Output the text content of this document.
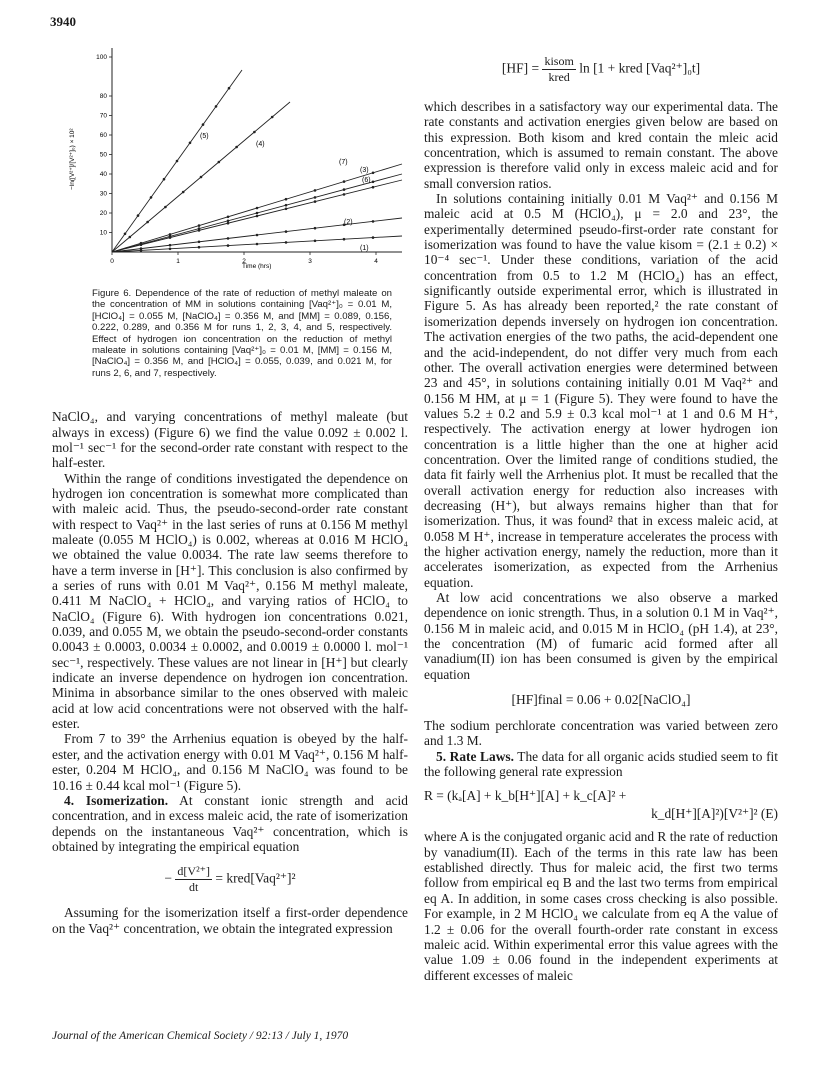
3940
10
20
30
40
50
60
70
80
100
0	1	2	3	4
(5)
(4)
(7)
(3)
(6)
(2)
(1)
−ln([V²⁺]/[V²⁺]₀) × 10²
Time (hrs)
Figure 6. Dependence of the rate of reduction of methyl maleate on the concentration of MM in solutions containing [Vaq²⁺]₀ = 0.01 M, [HClO₄] = 0.055 M, [NaClO₄] = 0.356 M, and [MM] = 0.089, 0.156, 0.222, 0.289, and 0.356 M for runs 1, 2, 3, 4, and 5, respectively. Effect of hydrogen ion concentration on the reduction of methyl maleate in solutions containing [Vaq²⁺]₀ = 0.01 M, [MM] = 0.156 M, [NaClO₄] = 0.356 M, and [HClO₄] = 0.055, 0.039, and 0.021 M, for runs 2, 6, and 7, respectively.

NaClO₄, and varying concentrations of methyl maleate (but always in excess) (Figure 6) we find the value 0.092 ± 0.002 l. mol⁻¹ sec⁻¹ for the second-order rate constant with respect to the half-ester.

Within the range of conditions investigated the dependence on hydrogen ion concentration is somewhat more complicated than with maleic acid. Thus, the pseudo-second-order rate constant with respect to Vaq²⁺ in the last series of runs at 0.156 M methyl maleate (0.055 M HClO₄) is 0.002, whereas at 0.016 M HClO₄ we obtained the value 0.0034. The rate law seems therefore to have a term inverse in [H⁺]. This conclusion is also confirmed by a series of runs with 0.01 M Vaq²⁺, 0.156 M methyl maleate, 0.411 M NaClO₄ + HClO₄, and varying ratios of HClO₄ to NaClO₄ (Figure 6). With hydrogen ion concentrations 0.021, 0.039, and 0.055 M, we obtain the pseudo-second-order constants 0.0043 ± 0.0003, 0.0034 ± 0.0002, and 0.0019 ± 0.0000 l. mol⁻¹ sec⁻¹, respectively. These values are not linear in [H⁺] but clearly indicate an inverse dependence on hydrogen ion concentration. Minima in absorbance similar to the ones observed with maleic acid at low acid concentrations were not observed with the half-ester.

From 7 to 39° the Arrhenius equation is obeyed by the half-ester, and the activation energy with 0.01 M Vaq²⁺, 0.156 M half-ester, 0.204 M HClO₄, and 0.156 M NaClO₄ was found to be 10.16 ± 0.44 kcal mol⁻¹ (Figure 5).

4. Isomerization. At constant ionic strength and acid concentration, and in excess maleic acid, the rate of isomerization depends on the instantaneous Vaq²⁺ concentration, which is obtained by integrating the empirical equation

− $\frac{\text{d[V²⁺]}}{dt}$ = kred[Vaq²⁺]²

Assuming for the isomerization itself a first-order dependence on the Vaq²⁺ concentration, we obtain the integrated expression

$[HF] = \frac{\text{kisom}}{\text{kred}}$ ln [1 + kred [Vaq²⁺]₀t]

which describes in a satisfactory way our experimental data. The rate constants and activation energies given below are based on this expression. Both kisom and kred contain the mleic acid concentration, which is assumed to remain constant. The above expression is therefore valid only in excess maleic acid and for small conversion ratios.

In solutions containing initially 0.01 M Vaq²⁺ and 0.156 M maleic acid at 0.5 M (HClO₄), μ = 2.0 and 23°, the experimentally determined pseudo-first-order rate constant for isomerization was found to have the value kisom = (2.1 ± 0.2) × 10⁻⁴ sec⁻¹. Under these conditions, variation of the acid concentration from 0.5 to 1.2 M (HClO₄) has an effect, significantly outside experimental error, which is illustrated in Figure 5. As has already been reported,² the rate constant of isomerization depends inversely on hydrogen ion concentration. The activation energies of the two paths, the acid-dependent one and the acid-independent, do not differ very much from each other. The overall activation energies were determined between 23 and 45°, in solutions containing initially 0.01 M Vaq²⁺ and 0.156 M HM, at μ = 1 (Figure 5). They were found to have the values 5.2 ± 0.2 and 5.9 ± 0.3 kcal mol⁻¹ at 1 and 0.6 M H⁺, respectively. The activation energy at lower hydrogen ion concentration is a little higher than the one at higher acid concentration. Over the limited range of conditions studied, the data fit fairly well the Arrhenius plot. It must be recalled that the overall activation energy for reduction also increases with decreasing (H⁺), but always remains higher than that for isomerization. Thus, it was found² that in excess maleic acid, at 0.058 M H⁺, increase in temperature accelerates the process with the higher activation energy, namely the reduction, more than it accelerates isomerization, as expected from the Arrhenius equation.

At low acid concentrations we also observe a marked dependence on ionic strength. Thus, in a solution 0.1 M in Vaq²⁺, 0.156 M in maleic acid, and 0.015 M in HClO₄ (pH 1.4), at 23°, the concentration (M) of fumaric acid formed after all vanadium(II) ion has been consumed is given by the empirical equation

[HF]final = 0.06 + 0.02[NaClO₄]

The sodium perchlorate concentration was varied between zero and 1.3 M.

5. Rate Laws. The data for all organic acids studied seem to fit the following general rate expression

R = (kₐ[A] + k_b[H⁺][A] + k_c[A]² +
k_d[H⁺][A]²)[V²⁺]² (E)

where A is the conjugated organic acid and R the rate of reduction by vanadium(II). Each of the terms in this rate law has been established directly. Thus for maleic acid, the first two terms follow from empirical eq B and the last two terms from empirical eq A. In addition, in some cases cross checking is also possible. For example, in 2 M HClO₄ we calculate from eq A the value of 1.2 ± 0.06 for the overall fourth-order rate constant in excess maleic acid. Within experimental error this value agrees with the value 1.09 ± 0.06 found in the independent experiments at different excesses of maleic

Journal of the American Chemical Society / 92:13 / July 1, 1970
